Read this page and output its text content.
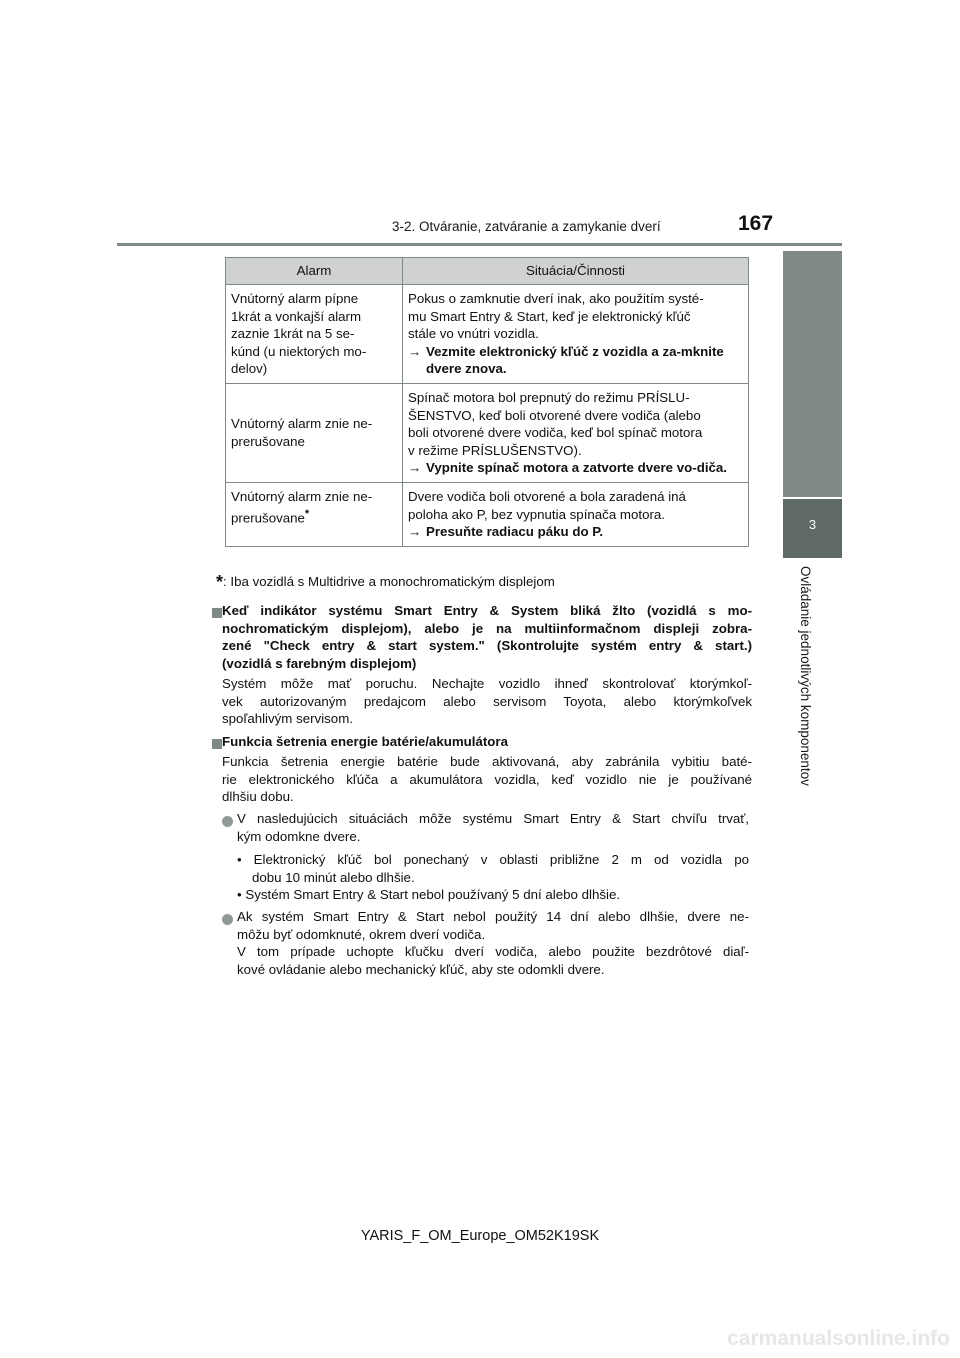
3-2. Otváranie, zatváranie a zamykanie dverí	167
3
Ovládanie jednotlivých komponentov
Alarm	Situácia/Činnosti

Vnútorný alarm pípne
1krát a vonkajší alarm
zaznie 1krát na 5 se-
kúnd (u niektorých mo-
delov)	Pokus o zamknutie dverí inak, ako použitím systé-
mu Smart Entry & Start, keď je elektronický kľúč
stále vo vnútri vozidla.
→ Vezmite elektronický kľúč z vozidla a za-mknite dvere znova.

Vnútorný alarm znie ne-
prerušovane	Spínač motora bol prepnutý do režimu PRÍSLU-
ŠENSTVO, keď boli otvorené dvere vodiča (alebo
boli otvorené dvere vodiča, keď bol spínač motora
v režime PRÍSLUŠENSTVO).
→ Vypnite spínač motora a zatvorte dvere vo-diča.

Vnútorný alarm znie ne-
prerušovane*	Dvere vodiča boli otvorené a bola zaradená iná
poloha ako P, bez vypnutia spínača motora.
→ Presuňte radiacu páku do P.
*: Iba vozidlá s Multidrive a monochromatickým displejom
Keď indikátor systému Smart Entry & System bliká žlto (vozidlá s mo-
nochromatickým displejom), alebo je na multiinformačnom displeji zobra-
zené "Check entry & start system." (Skontrolujte systém entry & start.)
(vozidlá s farebným displejom)
Systém môže mať poruchu. Nechajte vozidlo ihneď skontrolovať ktorýmkoľ-
vek autorizovaným predajcom alebo servisom Toyota, alebo ktorýmkoľvek
spoľahlivým servisom.
Funkcia šetrenia energie batérie/akumulátora
Funkcia šetrenia energie batérie bude aktivovaná, aby zabránila vybitiu baté-
rie elektronického kľúča a akumulátora vozidla, keď vozidlo nie je používané
dlhšiu dobu.
V nasledujúcich situáciách môže systému Smart Entry & Start chvíľu trvať,
kým odomkne dvere.
• Elektronický kľúč bol ponechaný v oblasti približne 2 m od vozidla po
dobu 10 minút alebo dlhšie.
• Systém Smart Entry & Start nebol používaný 5 dní alebo dlhšie.
Ak systém Smart Entry & Start nebol použitý 14 dní alebo dlhšie, dvere ne-
môžu byť odomknuté, okrem dverí vodiča.
V tom prípade uchopte kľučku dverí vodiča, alebo použite bezdrôtové diaľ-
kové ovládanie alebo mechanický kľúč, aby ste odomkli dvere.
YARIS_F_OM_Europe_OM52K19SK
carmanualsonline.info
